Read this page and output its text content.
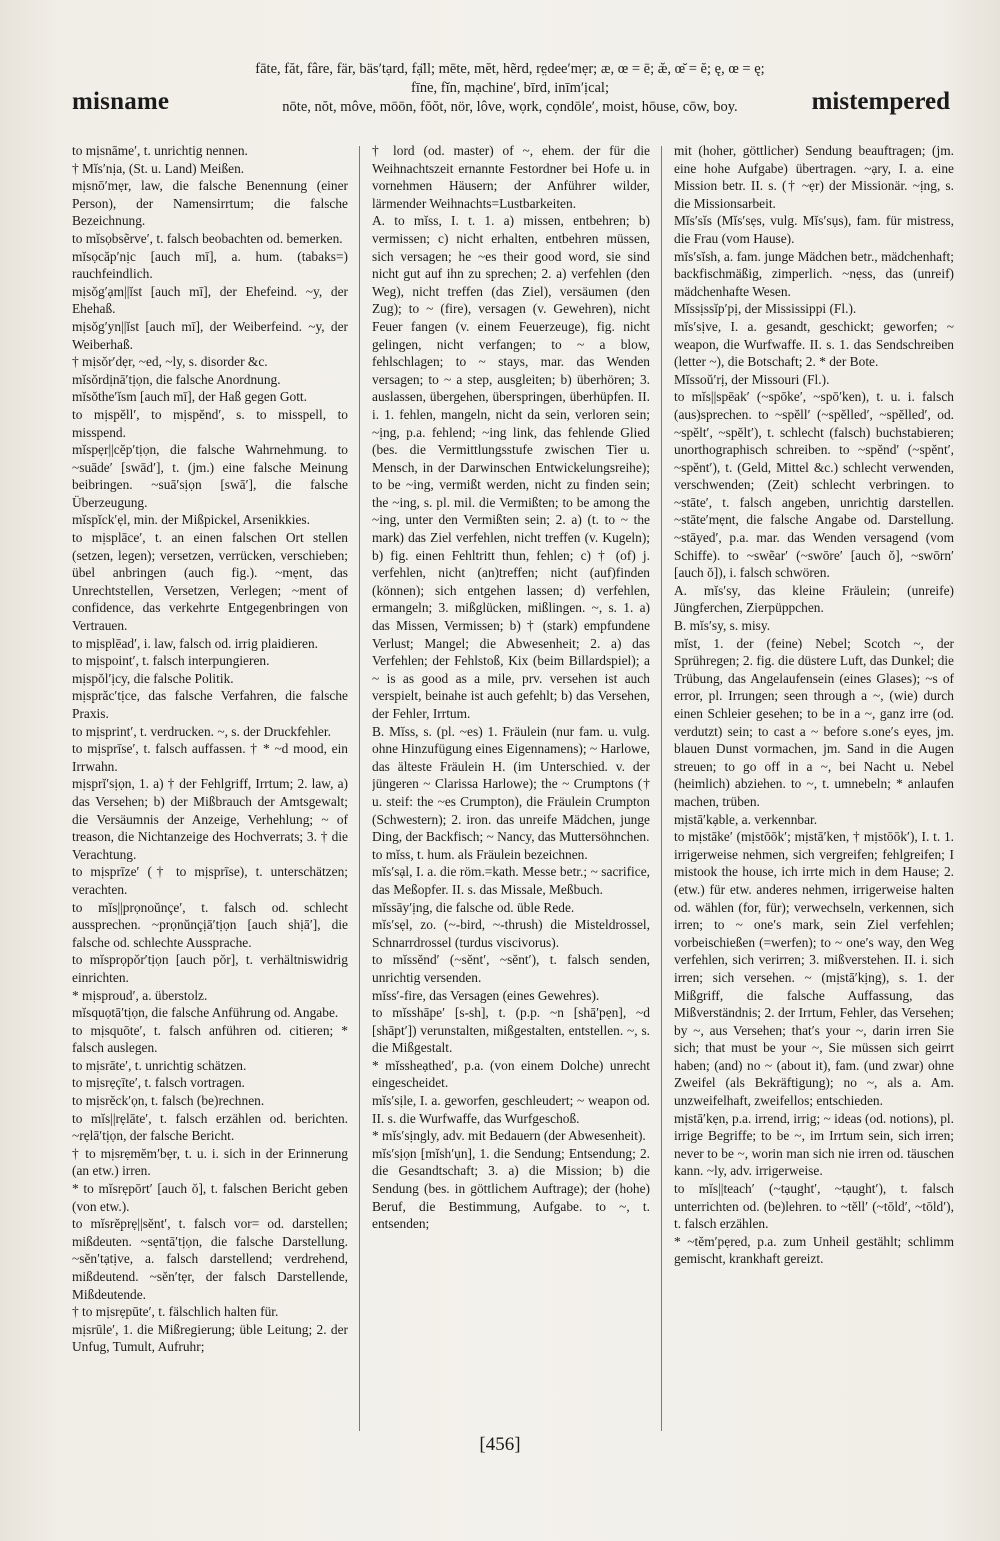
misname
fāte, făt, fâre, fär, bäs′tạrd, fạ̈ll; mēte, mĕt, hẽrd, re̤dee′mẹr; æ, œ = ē; æ̆, œ̆ = ĕ; ę, œ = ę;
fīne, fĭn, mạchine′, bīrd, inīm′ịcal;
nōte, nŏt, môve, mōōn, fŏŏt, nör, lôve, wọrk, cọndōle′, moist, hōuse, cōw, boy.	mistempered

to mịsnāme′, t. unrichtig nennen.

† Mĭs′nịa, (St. u. Land) Meißen.

mịsnō′mẹr, law, die falsche Benennung (einer Person), der Namensirrtum; die falsche Bezeichnung.

to mĭsọbsẽrve′, t. falsch beobachten od. bemerken.

mĭsọcăp′nịc [auch mī], a. hum. (tabaks=) rauchfeindlich.

mịsŏg′ạm||ĭst [auch mī], der Ehefeind. ~y, der Ehehaß.

mịsŏg′yn||ĭst [auch mī], der Weiberfeind. ~y, der Weiberhaß.

† mịsŏr′dẹr, ~ed, ~ly, s. disorder &c.

mĭsŏrdịnā′tịọn, die falsche Anordnung.

mĭsŏthe′ĭsm [auch mī], der Haß gegen Gott.

to mịspĕll′, to mịspĕnd′, s. to misspell, to misspend.

mĭspẹr||cĕp′tịọn, die falsche Wahrnehmung. to ~suāde′ [swād′], t. (jm.) eine falsche Meinung beibringen. ~suā′sịọn [swā′], die falsche Überzeugung.

mĭspĭck′ẹl, min. der Mißpickel, Arsenikkies.

to mịsplāce′, t. an einen falschen Ort stellen (setzen, legen); versetzen, verrücken, verschieben; übel anbringen (auch fig.). ~mẹnt, das Unrechtstellen, Versetzen, Verlegen; ~ment of confidence, das verkehrte Entgegenbringen von Vertrauen.

to mịsplēad′, i. law, falsch od. irrig plaidieren.

to mịspoint′, t. falsch interpungieren.

mịspŏl′ịcy, die falsche Politik.

mịsprăc′tịce, das falsche Verfahren, die falsche Praxis.

to mịsprint′, t. verdrucken. ~, s. der Druckfehler.

to mịsprīse′, t. falsch auffassen. † * ~d mood, ein Irrwahn.

mịsprĭ′sịọn, 1. a) † der Fehlgriff, Irrtum; 2. law, a) das Versehen; b) der Mißbrauch der Amtsgewalt; die Versäumnis der Anzeige, Verhehlung; ~ of treason, die Nichtanzeige des Hochverrats; 3. † die Verachtung.

to mịsprīze′ († to mịsprīse), t. unterschätzen; verachten.

to mĭs||prọnoŭnçe′, t. falsch od. schlecht aussprechen. ~prọnŭnçịā′tịọn [auch shịā′], die falsche od. schlechte Aussprache.

to mĭsprọpŏr′tịọn [auch pŏr], t. verhältniswidrig einrichten.

* mịsproud′, a. überstolz.

mĭsquọtā′tịọn, die falsche Anführung od. Angabe.

to mịsquōte′, t. falsch anführen od. citieren; * falsch auslegen.

to mịsrāte′, t. unrichtig schätzen.

to mịsrẹçīte′, t. falsch vortragen.

to mịsrĕck′ọn, t. falsch (be)rechnen.

to mĭs||rẹlāte′, t. falsch erzählen od. berichten. ~rẹlā′tịọn, der falsche Bericht.

† to mịsrẹmĕm′bẹr, t. u. i. sich in der Erinnerung (an etw.) irren.

* to mĭsrẹpōrt′ [auch ŏ], t. falschen Bericht geben (von etw.).

to mĭsrĕprẹ||sĕnt′, t. falsch vor= od. darstellen; mißdeuten. ~sẹntā′tịọn, die falsche Darstellung. ~sĕn′tạtịve, a. falsch darstellend; verdrehend, mißdeutend. ~sĕn′tẹr, der falsch Darstellende, Mißdeutende.

† to mịsrẹpūte′, t. fälschlich halten für.

mịsrūle′, 1. die Mißregierung; üble Leitung; 2. der Unfug, Tumult, Aufruhr;

† lord (od. master) of ~, ehem. der für die Weihnachtszeit ernannte Festordner bei Hofe u. in vornehmen Häusern; der Anführer wilder, lärmender Weihnachts=Lustbarkeiten.

A. to mĭss, I. t. 1. a) missen, entbehren; b) vermissen; c) nicht erhalten, entbehren müssen, sich versagen; he ~es their good word, sie sind nicht gut auf ihn zu sprechen; 2. a) verfehlen (den Weg), nicht treffen (das Ziel), versäumen (den Zug); to ~ (fire), versagen (v. Gewehren), nicht Feuer fangen (v. einem Feuerzeuge), fig. nicht gelingen, nicht verfangen; to ~ a blow, fehlschlagen; to ~ stays, mar. das Wenden versagen; to ~ a step, ausgleiten; b) überhören; 3. auslassen, übergehen, überspringen, überhüpfen. II. i. 1. fehlen, mangeln, nicht da sein, verloren sein; ~ịng, p.a. fehlend; ~ing link, das fehlende Glied (bes. die Vermittlungsstufe zwischen Tier u. Mensch, in der Darwinschen Entwickelungsreihe); to be ~ing, vermißt werden, nicht zu finden sein; the ~ing, s. pl. mil. die Vermißten; to be among the ~ing, unter den Vermißten sein; 2. a) (t. to ~ the mark) das Ziel verfehlen, nicht treffen (v. Kugeln); b) fig. einen Fehltritt thun, fehlen; c) † (of) j. verfehlen, nicht (an)treffen; nicht (auf)finden (können); sich entgehen lassen; d) verfehlen, ermangeln; 3. mißglücken, mißlingen. ~, s. 1. a) das Missen, Vermissen; b) † (stark) empfundene Verlust; Mangel; die Abwesenheit; 2. a) das Verfehlen; der Fehlstoß, Kix (beim Billardspiel); a ~ is as good as a mile, prv. versehen ist auch verspielt, beinahe ist auch gefehlt; b) das Versehen, der Fehler, Irrtum.

B. Mĭss, s. (pl. ~es) 1. Fräulein (nur fam. u. vulg. ohne Hinzufügung eines Eigennamens); ~ Harlowe, das älteste Fräulein H. (im Unterschied. v. der jüngeren ~ Clarissa Harlowe); the ~ Crumptons († u. steif: the ~es Crumpton), die Fräulein Crumpton (Schwestern); 2. iron. das unreife Mädchen, junge Ding, der Backfisch; ~ Nancy, das Muttersöhnchen.

to mĭss, t. hum. als Fräulein bezeichnen.

mĭs′sạl, I. a. die röm.=kath. Messe betr.; ~ sacrifice, das Meßopfer. II. s. das Missale, Meßbuch.

mĭssāy′ịng, die falsche od. üble Rede.

mĭs′sẹl, zo. (~-bird, ~-thrush) die Misteldrossel, Schnarrdrossel (turdus viscivorus).

to mĭssĕnd′ (~sĕnt′, ~sĕnt′), t. falsch senden, unrichtig versenden.

mĭss′-fire, das Versagen (eines Gewehres).

to mĭsshāpe′ [s-sh], t. (p.p. ~n [shā′pẹn], ~d [shāpt′]) verunstalten, mißgestalten, entstellen. ~, s. die Mißgestalt.

* mĭssheạthed′, p.a. (von einem Dolche) unrecht eingescheidet.

mĭs′sịle, I. a. geworfen, geschleudert; ~ weapon od. II. s. die Wurfwaffe, das Wurfgeschoß.

* mĭs′sịngly, adv. mit Bedauern (der Abwesenheit).

mĭs′sịọn [mĭsh′ụn], 1. die Sendung; Entsendung; 2. die Gesandtschaft; 3. a) die Mission; b) die Sendung (bes. in göttlichem Auftrage); der (hohe) Beruf, die Bestimmung, Aufgabe. to ~, t. entsenden;

mit (hoher, göttlicher) Sendung beauftragen; (jm. eine hohe Aufgabe) übertragen. ~ạry, I. a. eine Mission betr. II. s. († ~ẹr) der Missionär. ~ịng, s. die Missionsarbeit.

Mĭs′sĭs (Mĭs′sẹs, vulg. Mĭs′sụs), fam. für mistress, die Frau (vom Hause).

mĭs′sĭsh, a. fam. junge Mädchen betr., mädchenhaft; backfischmäßig, zimperlich. ~nẹss, das (unreif) mädchenhafte Wesen.

Mĭssịssĭp′pị, der Mississippi (Fl.).

mĭs′sịve, I. a. gesandt, geschickt; geworfen; ~ weapon, die Wurfwaffe. II. s. 1. das Sendschreiben (letter ~), die Botschaft; 2. * der Bote.

Mĭssoŭ′rị, der Missouri (Fl.).

to mĭs||spēak′ (~spōke′, ~spō′ken), t. u. i. falsch (aus)sprechen. to ~spĕll′ (~spĕlled′, ~spĕlled′, od. ~spĕlt′, ~spĕlt′), t. schlecht (falsch) buchstabieren; unorthographisch schreiben. to ~spĕnd′ (~spĕnt′, ~spĕnt′), t. (Geld, Mittel &c.) schlecht verwenden, verschwenden; (Zeit) schlecht verbringen. to ~stāte′, t. falsch angeben, unrichtig darstellen. ~stāte′mẹnt, die falsche Angabe od. Darstellung. ~stāyed′, p.a. mar. das Wenden versagend (vom Schiffe). to ~swẽar′ (~swōre′ [auch ŏ], ~swōrn′ [auch ŏ]), i. falsch schwören.

A. mĭs′sy, das kleine Fräulein; (unreife) Jüngferchen, Zierpüppchen.

B. mĭs′sy, s. misy.

mĭst, 1. der (feine) Nebel; Scotch ~, der Sprühregen; 2. fig. die düstere Luft, das Dunkel; die Trübung, das Angelaufensein (eines Glases); ~s of error, pl. Irrungen; seen through a ~, (wie) durch einen Schleier gesehen; to be in a ~, ganz irre (od. verdutzt) sein; to cast a ~ before s.one′s eyes, jm. blauen Dunst vormachen, jm. Sand in die Augen streuen; to go off in a ~, bei Nacht u. Nebel (heimlich) abziehen. to ~, t. umnebeln; * anlaufen machen, trüben.

mịstā′kạble, a. verkennbar.

to mịstāke′ (mịstōōk′; mịstā′ken, † mịstōōk′), I. t. 1. irrigerweise nehmen, sich vergreifen; fehlgreifen; I mistook the house, ich irrte mich in dem Hause; 2. (etw.) für etw. anderes nehmen, irrigerweise halten od. wählen (for, für); verwechseln, verkennen, sich irren; to ~ one′s mark, sein Ziel verfehlen; vorbeischießen (=werfen); to ~ one′s way, den Weg verfehlen, sich verirren; 3. mißverstehen. II. i. sich irren; sich versehen. ~ (mịstā′kịng), s. 1. der Mißgriff, die falsche Auffassung, das Mißverständnis; 2. der Irrtum, Fehler, das Versehen; by ~, aus Versehen; that′s your ~, darin irren Sie sich; that must be your ~, Sie müssen sich geirrt haben; (and) no ~ (about it), fam. (und zwar) ohne Zweifel (als Bekräftigung); no ~, als a. Am. unzweifelhaft, zweifellos; entschieden.

mịstā′kẹn, p.a. irrend, irrig; ~ ideas (od. notions), pl. irrige Begriffe; to be ~, im Irrtum sein, sich irren; never to be ~, worin man sich nie irren od. täuschen kann. ~ly, adv. irrigerweise.

to mĭs||teach′ (~tạught′, ~tạught′), t. falsch unterrichten od. (be)lehren. to ~tĕll′ (~tōld′, ~tōld′), t. falsch erzählen.

* ~tĕm′pẹred, p.a. zum Unheil gestählt; schlimm gemischt, krankhaft gereizt.

[456]
